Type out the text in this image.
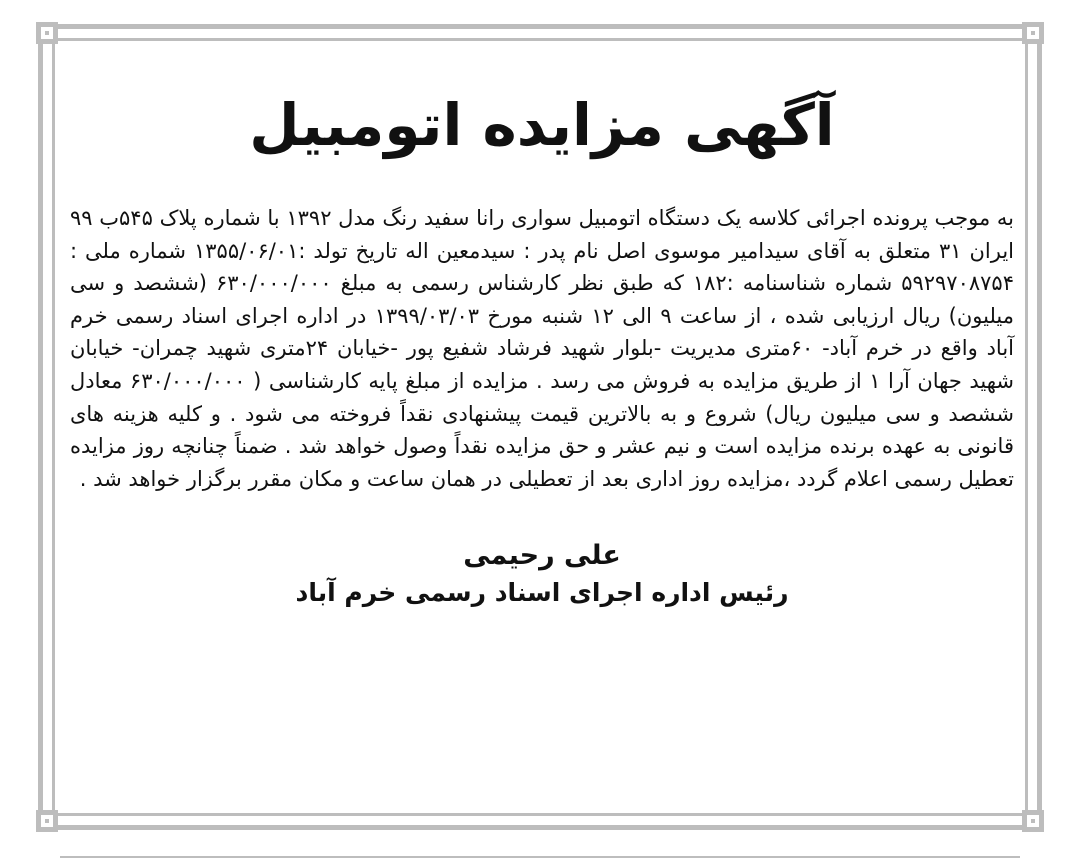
آگهی مزایده اتومبیل

به موجب پرونده اجرائی کلاسه یک دستگاه اتومبیل سواری رانا سفید رنگ مدل ۱۳۹۲ با شماره پلاک ۵۴۵ب ۹۹ ایران ۳۱ متعلق به آقای سیدامیر موسوی اصل نام پدر : سیدمعین اله تاریخ تولد :۱۳۵۵/۰۶/۰۱ شماره ملی : ۵۹۲۹۷۰۸۷۵۴ شماره شناسنامه :۱۸۲ که طبق نظر کارشناس رسمی به مبلغ ۶۳۰/۰۰۰/۰۰۰ (ششصد و سی میلیون) ریال ارزیابی شده ، از ساعت ۹ الی ۱۲ شنبه مورخ ۱۳۹۹/۰۳/۰۳ در اداره اجرای اسناد رسمی خرم آباد واقع در خرم آباد- ۶۰متری مدیریت -بلوار شهید فرشاد شفیع پور -خیابان ۲۴متری شهید چمران- خیابان شهید جهان آرا ۱ از طریق مزایده به فروش می رسد . مزایده از مبلغ پایه کارشناسی ( ۶۳۰/۰۰۰/۰۰۰ معادل ششصد و سی میلیون ریال) شروع و به بالاترین قیمت پیشنهادی نقداً فروخته می شود . و کلیه هزینه های قانونی به عهده برنده مزایده است و نیم عشر و حق مزایده نقداً وصول خواهد شد . ضمناً چنانچه روز مزایده تعطیل رسمی اعلام گردد ،مزایده روز اداری بعد از تعطیلی در همان ساعت و مکان مقرر برگزار خواهد شد .

علی رحیمی
رئیس اداره اجرای اسناد رسمی خرم آباد
